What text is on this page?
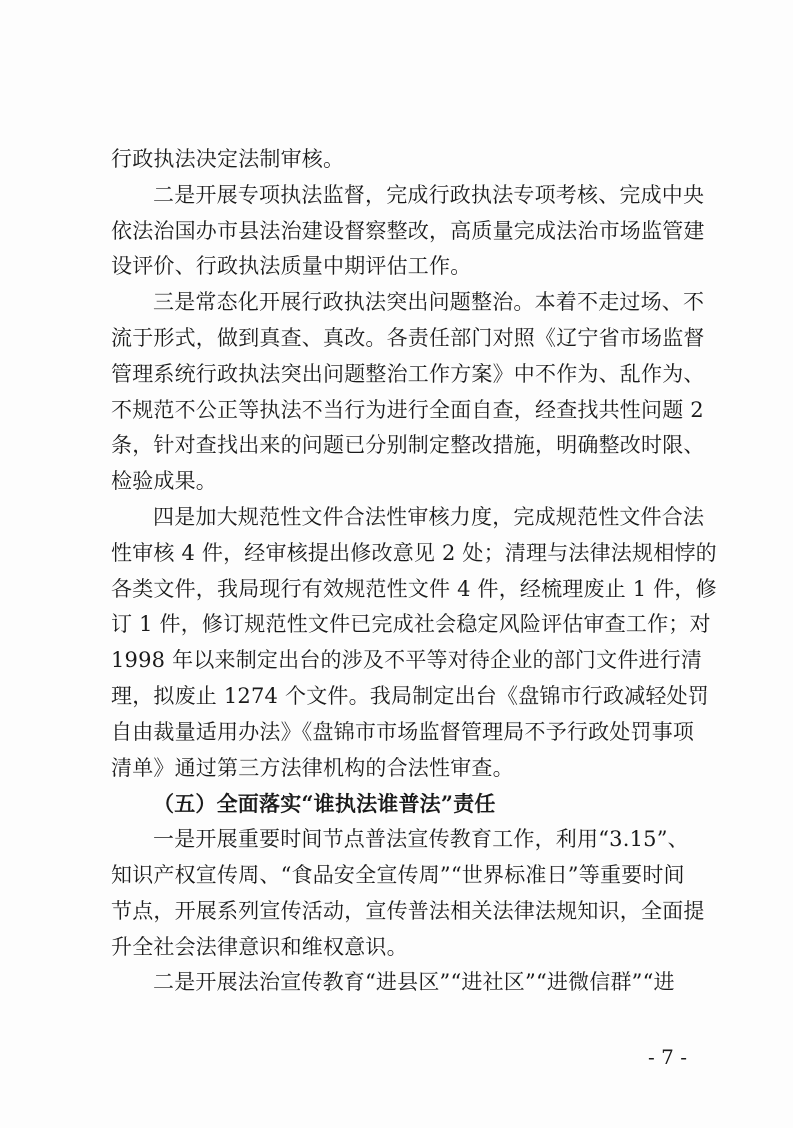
行政执法决定法制审核。
二是开展专项执法监督，完成行政执法专项考核、完成中央
依法治国办市县法治建设督察整改，高质量完成法治市场监管建
设评价、行政执法质量中期评估工作。
三是常态化开展行政执法突出问题整治。本着不走过场、不
流于形式，做到真查、真改。各责任部门对照《辽宁省市场监督
管理系统行政执法突出问题整治工作方案》中不作为、乱作为、
不规范不公正等执法不当行为进行全面自查，经查找共性问题 2
条，针对查找出来的问题已分别制定整改措施，明确整改时限、
检验成果。
四是加大规范性文件合法性审核力度，完成规范性文件合法
性审核 4 件，经审核提出修改意见 2 处；清理与法律法规相悖的
各类文件，我局现行有效规范性文件 4 件，经梳理废止 1 件，修
订 1 件，修订规范性文件已完成社会稳定风险评估审查工作；对
1998 年以来制定出台的涉及不平等对待企业的部门文件进行清
理，拟废止 1274 个文件。我局制定出台《盘锦市行政减轻处罚
自由裁量适用办法》《盘锦市市场监督管理局不予行政处罚事项
清单》通过第三方法律机构的合法性审查。
（五）全面落实“谁执法谁普法”责任
一是开展重要时间节点普法宣传教育工作，利用“3.15”、
知识产权宣传周、“食品安全宣传周”“世界标准日”等重要时间
节点，开展系列宣传活动，宣传普法相关法律法规知识，全面提
升全社会法律意识和维权意识。
二是开展法治宣传教育“进县区”“进社区”“进微信群”“进
- 7 -
